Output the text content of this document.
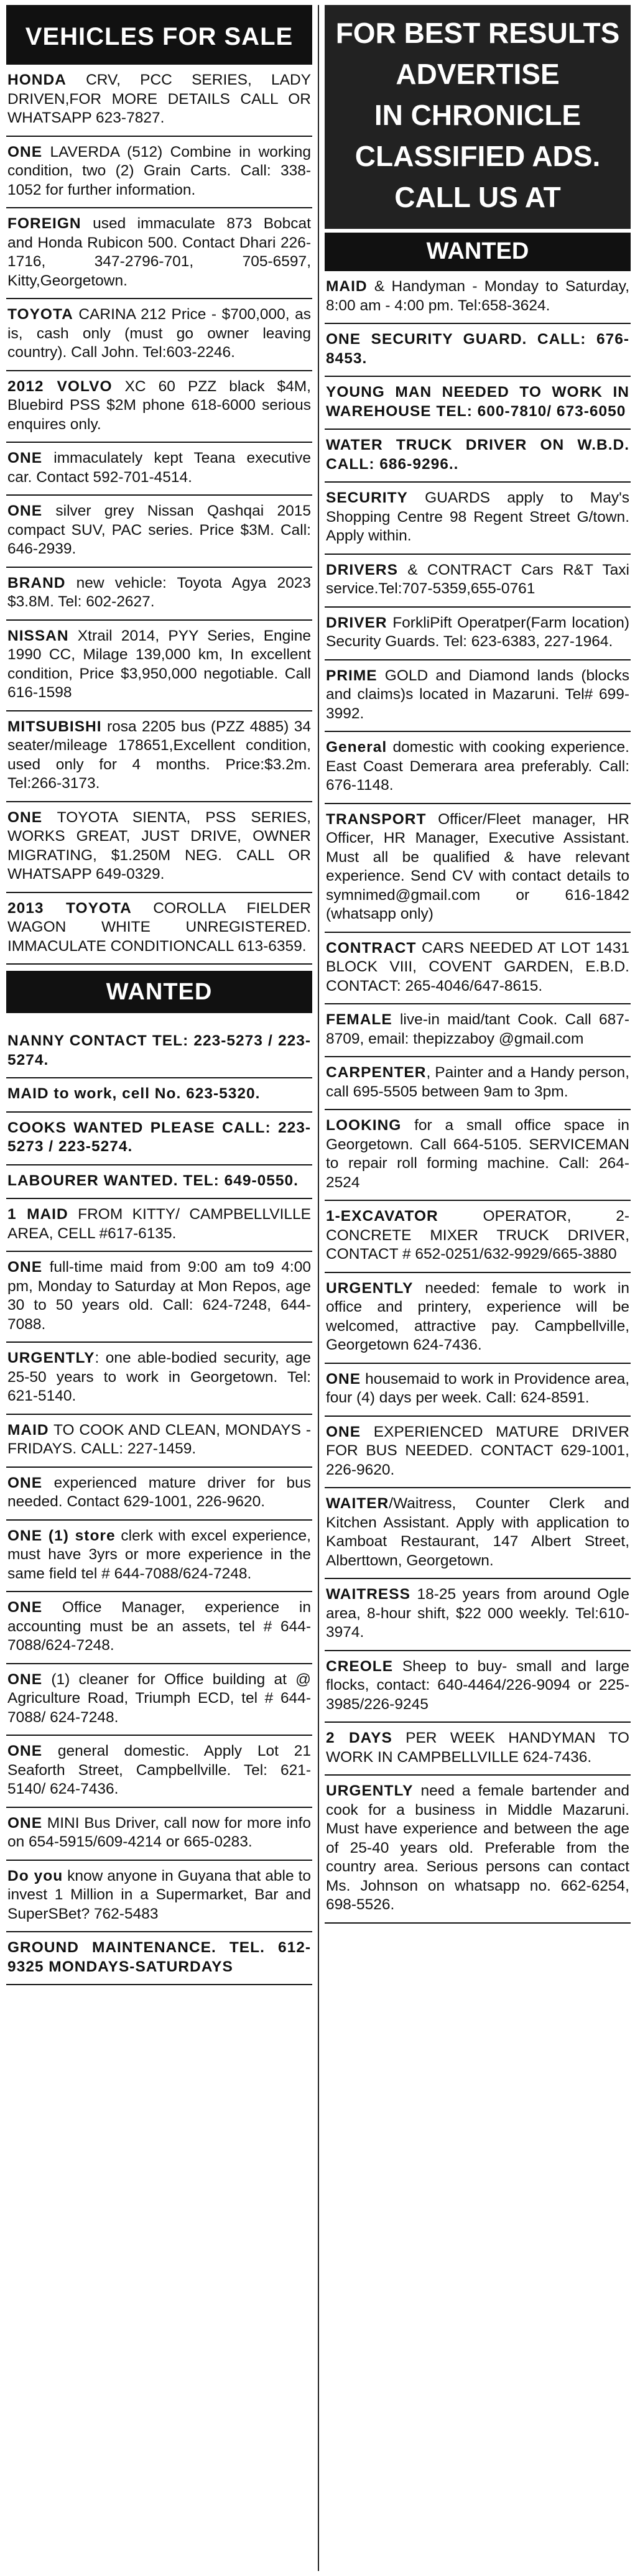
VEHICLES FOR SALE
HONDA CRV, PCC SERIES, LADY DRIVEN,FOR MORE DETAILS CALL OR WHATSAPP 623-7827.
ONE LAVERDA (512) Combine in working condition, two (2) Grain Carts. Call: 338-1052 for further information.
FOREIGN used immaculate 873 Bobcat and Honda Rubicon 500. Contact Dhari 226-1716, 347-2796-701, 705-6597, Kitty,Georgetown.
TOYOTA CARINA 212 Price - $700,000, as is, cash only (must go owner leaving country). Call John. Tel:603-2246.
2012 VOLVO XC 60 PZZ black $4M, Bluebird PSS $2M phone 618-6000 serious enquires only.
ONE immaculately kept Teana executive car. Contact 592-701-4514.
ONE silver grey Nissan Qashqai 2015 compact SUV, PAC series. Price $3M. Call: 646-2939.
BRAND new vehicle: Toyota Agya 2023 $3.8M. Tel: 602-2627.
NISSAN Xtrail 2014, PYY Series, Engine 1990 CC, Milage 139,000 km, In excellent condition, Price $3,950,000 negotiable. Call 616-1598
MITSUBISHI rosa 2205 bus (PZZ 4885) 34 seater/mileage 178651,Excellent condition, used only for 4 months. Price:$3.2m. Tel:266-3173.
ONE TOYOTA SIENTA, PSS SERIES, WORKS GREAT, JUST DRIVE, OWNER MIGRATING, $1.250M NEG. CALL OR WHATSAPP 649-0329.
2013 TOYOTA COROLLA FIELDER WAGON WHITE UNREGISTERED. IMMACULATE CONDITIONCALL 613-6359.
WANTED
NANNY CONTACT TEL: 223-5273 / 223-5274.
MAID to work, cell No. 623-5320.
COOKS WANTED PLEASE CALL: 223-5273 / 223-5274.
LABOURER WANTED. TEL: 649-0550.
1 MAID FROM KITTY/ CAMPBELLVILLE AREA, CELL #617-6135.
ONE full-time maid from 9:00 am to9 4:00 pm, Monday to Saturday at Mon Repos, age 30 to 50 years old. Call: 624-7248, 644-7088.
URGENTLY: one able-bodied security, age 25-50 years to work in Georgetown. Tel: 621-5140.
MAID TO COOK AND CLEAN, MONDAYS - FRIDAYS. CALL: 227-1459.
ONE experienced mature driver for bus needed. Contact 629-1001, 226-9620.
ONE (1) store clerk with excel experience, must have 3yrs or more experience in the same field tel # 644-7088/624-7248.
ONE Office Manager, experience in accounting must be an assets, tel # 644-7088/624-7248.
ONE (1) cleaner for Office building at @ Agriculture Road, Triumph ECD, tel # 644-7088/ 624-7248.
ONE general domestic. Apply Lot 21 Seaforth Street, Campbellville. Tel: 621-5140/ 624-7436.
ONE MINI Bus Driver, call now for more info on 654-5915/609-4214 or 665-0283.
Do you know anyone in Guyana that able to invest 1 Million in a Supermarket, Bar and SuperSBet? 762-5483
GROUND MAINTENANCE. TEL. 612-9325 MONDAYS-SATURDAYS
FOR BEST RESULTS
ADVERTISE
IN CHRONICLE
CLASSIFIED ADS.
CALL US AT
WANTED
MAID & Handyman - Monday to Saturday, 8:00 am - 4:00 pm. Tel:658-3624.
ONE SECURITY GUARD. CALL: 676-8453.
YOUNG MAN NEEDED TO WORK IN WAREHOUSE TEL: 600-7810/ 673-6050
WATER TRUCK DRIVER ON W.B.D. CALL: 686-9296..
SECURITY GUARDS apply to May's Shopping Centre 98 Regent Street G/town. Apply within.
DRIVERS & CONTRACT Cars R&T Taxi service.Tel:707-5359,655-0761
DRIVER ForkliPift Operatper(Farm location) Security Guards. Tel: 623-6383, 227-1964.
PRIME GOLD and Diamond lands (blocks and claims)s located in Mazaruni. Tel# 699-3992.
General domestic with cooking experience. East Coast Demerara area preferably. Call: 676-1148.
TRANSPORT Officer/Fleet manager, HR Officer, HR Manager, Executive Assistant. Must all be qualified & have relevant experience. Send CV with contact details to symnimed@gmail.com or 616-1842 (whatsapp only)
CONTRACT CARS NEEDED AT LOT 1431 BLOCK VIII, COVENT GARDEN, E.B.D. CONTACT: 265-4046/647-8615.
FEMALE live-in maid/tant Cook. Call 687-8709, email: thepizzaboy @gmail.com
CARPENTER, Painter and a Handy person, call 695-5505 between 9am to 3pm.
LOOKING for a small office space in Georgetown. Call 664-5105. SERVICEMAN to repair roll forming machine. Call: 264-2524
1-EXCAVATOR OPERATOR, 2- CONCRETE MIXER TRUCK DRIVER, CONTACT # 652-0251/632-9929/665-3880
URGENTLY needed: female to work in office and printery, experience will be welcomed, attractive pay. Campbellville, Georgetown 624-7436.
ONE housemaid to work in Providence area, four (4) days per week. Call: 624-8591.
ONE EXPERIENCED MATURE DRIVER FOR BUS NEEDED. CONTACT 629-1001, 226-9620.
WAITER/Waitress, Counter Clerk and Kitchen Assistant. Apply with application to Kamboat Restaurant, 147 Albert Street, Alberttown, Georgetown.
WAITRESS 18-25 years from around Ogle area, 8-hour shift, $22 000 weekly. Tel:610-3974.
CREOLE Sheep to buy- small and large flocks, contact: 640-4464/226-9094 or 225-3985/226-9245
2 DAYS PER WEEK HANDYMAN TO WORK IN CAMPBELLVILLE 624-7436.
URGENTLY need a female bartender and cook for a business in Middle Mazaruni. Must have experience and between the age of 25-40 years old. Preferable from the country area. Serious persons can contact Ms. Johnson on whatsapp no. 662-6254, 698-5526.
